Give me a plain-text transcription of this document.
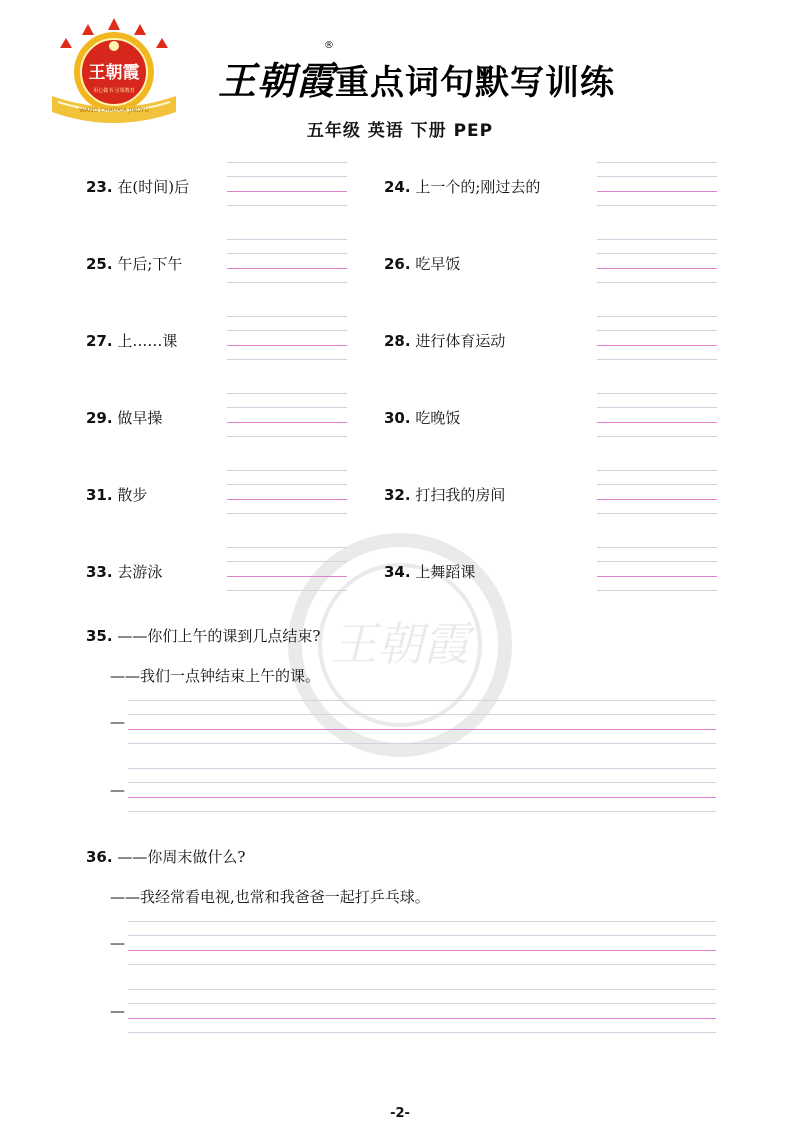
王朝霞
用心做书 引领教育
WANG CHAOXIA JIAOYU
王朝霞重点词句默写训练
®
五年级 英语 下册 PEP
王朝霞
23. 在(时间)后	24. 上一个的;刚过去的
25. 午后;下午	26. 吃早饭
27. 上……课	28. 进行体育运动
29. 做早操	30. 吃晚饭
31. 散步	32. 打扫我的房间
33. 去游泳	34. 上舞蹈课
35. ——你们上午的课到几点结束?
——我们一点钟结束上午的课。
—
—
36. ——你周末做什么?
——我经常看电视,也常和我爸爸一起打乒乓球。
—
—
-2-
